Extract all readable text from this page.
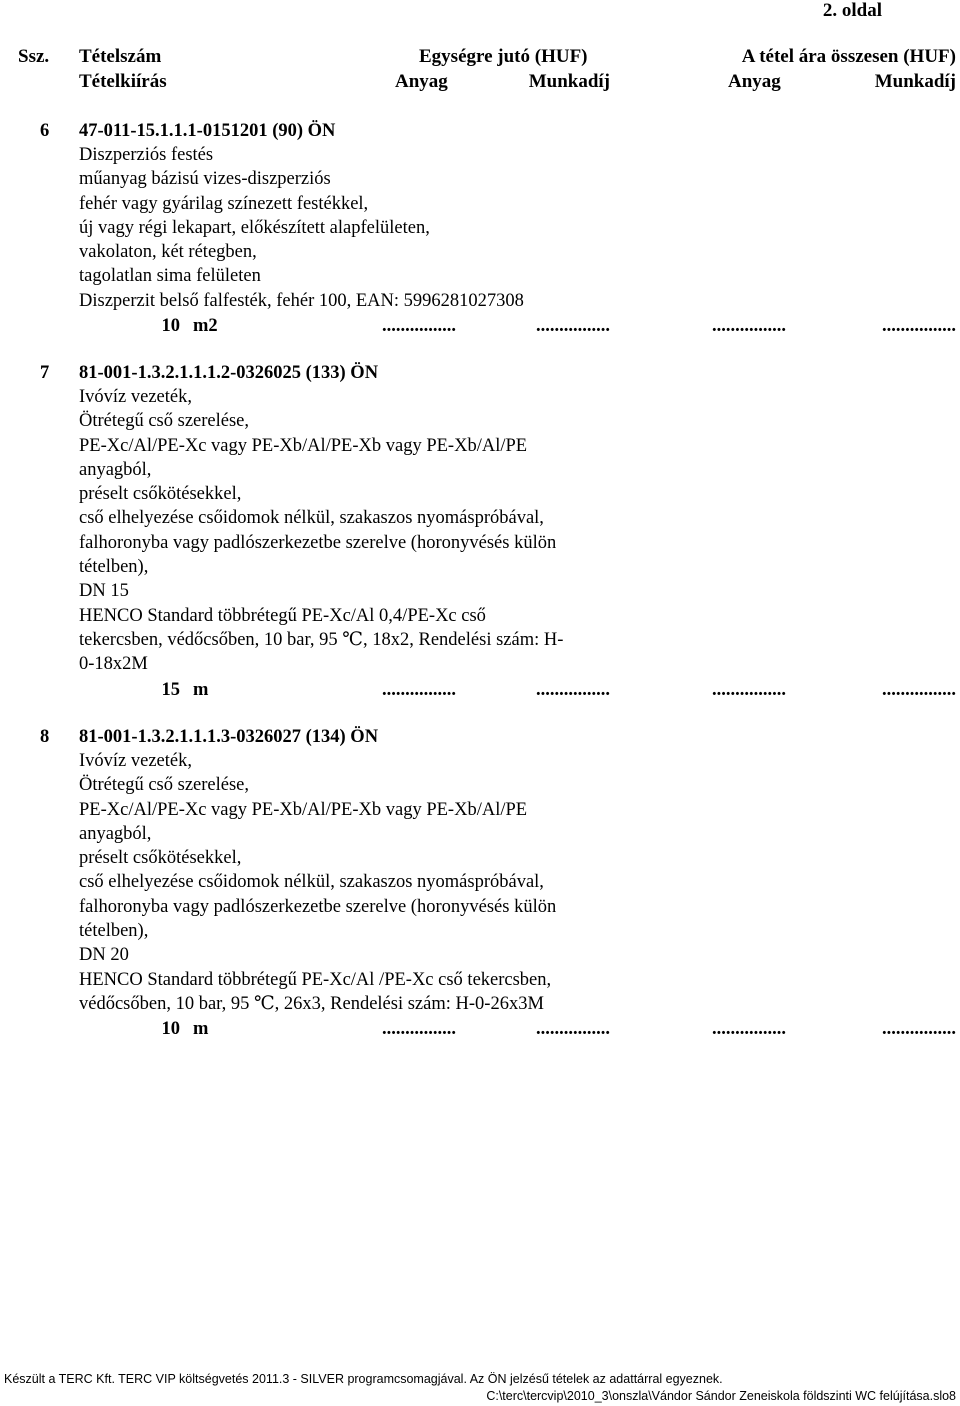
2. oldal
Ssz. Tételszám
Tételkiírás
Egységre jutó (HUF)	A tétel ára összesen (HUF)
Anyag	Munkadíj	Anyag	Munkadíj
6 47-011-15.1.1.1-0151201 (90) ÖN
Diszperziós festés
műanyag bázisú vizes-diszperziós
fehér vagy gyárilag színezett festékkel,
új vagy régi lekapart, előkészített alapfelületen,
vakolaton, két rétegben,
tagolatlan sima felületen
Diszperzit belső falfesték, fehér 100, EAN: 5996281027308
10 m2	................	................	................	................
7 81-001-1.3.2.1.1.1.2-0326025 (133) ÖN
Ivóvíz vezeték,
Ötrétegű cső szerelése,
PE-Xc/Al/PE-Xc vagy PE-Xb/Al/PE-Xb vagy PE-Xb/Al/PE
anyagból,
préselt csőkötésekkel,
cső elhelyezése csőidomok nélkül, szakaszos nyomáspróbával,
falhoronyba vagy padlószerkezetbe szerelve (horonyvésés külön
tételben),
DN 15
HENCO Standard többrétegű PE-Xc/Al 0,4/PE-Xc cső
tekercsben, védőcsőben, 10 bar, 95 ℃, 18x2, Rendelési szám: H-
0-18x2M
15 m	................	................	................	................
8 81-001-1.3.2.1.1.1.3-0326027 (134) ÖN
Ivóvíz vezeték,
Ötrétegű cső szerelése,
PE-Xc/Al/PE-Xc vagy PE-Xb/Al/PE-Xb vagy PE-Xb/Al/PE
anyagból,
préselt csőkötésekkel,
cső elhelyezése csőidomok nélkül, szakaszos nyomáspróbával,
falhoronyba vagy padlószerkezetbe szerelve (horonyvésés külön
tételben),
DN 20
HENCO Standard többrétegű PE-Xc/Al /PE-Xc cső tekercsben,
védőcsőben, 10 bar, 95 ℃, 26x3, Rendelési szám: H-0-26x3M
10 m	................	................	................	................
Készült a TERC Kft. TERC VIP költségvetés 2011.3 - SILVER programcsomagjával. Az ÖN jelzésű tételek az adattárral egyeznek.
C:\terc\tercvip\2010_3\onszla\Vándor Sándor Zeneiskola földszinti WC felújítása.slo8
